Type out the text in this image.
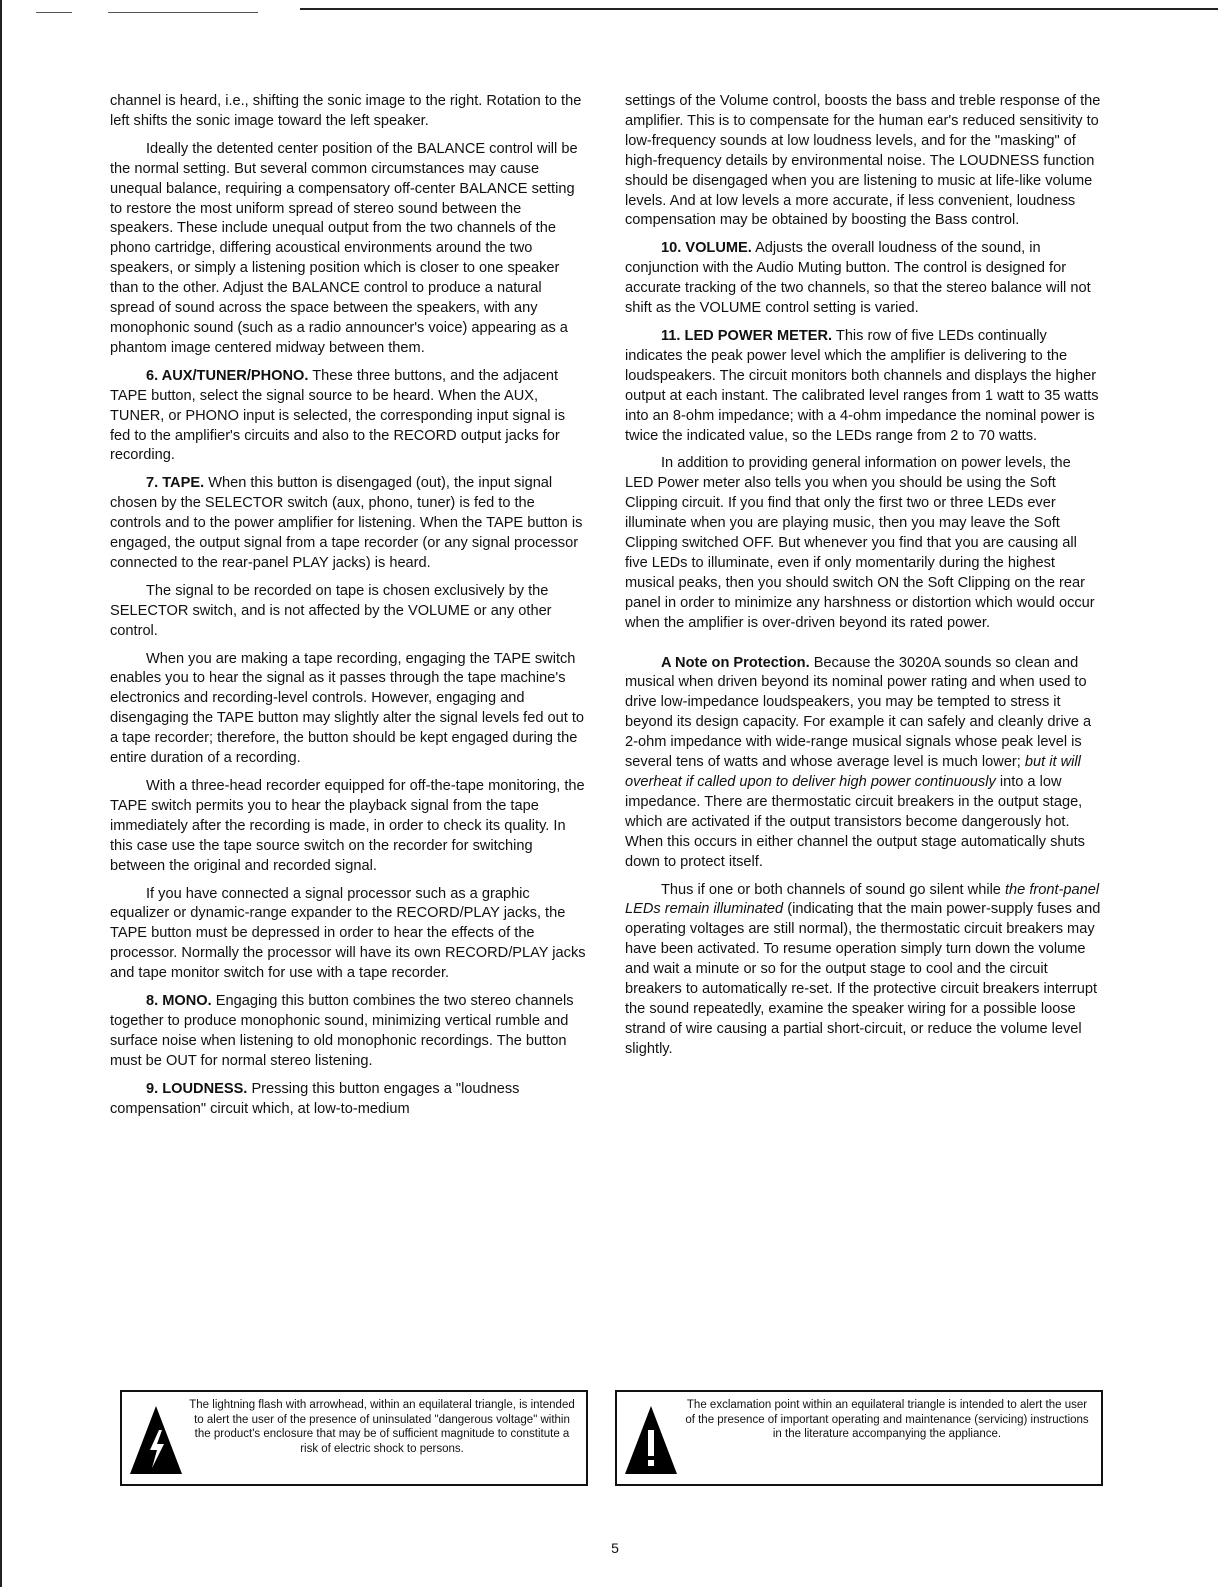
channel is heard, i.e., shifting the sonic image to the right. Rotation to the left shifts the sonic image toward the left speaker.

Ideally the detented center position of the BALANCE control will be the normal setting. But several common circumstances may cause unequal balance, requiring a compensatory off-center BALANCE setting to restore the most uniform spread of stereo sound between the speakers. These include unequal output from the two channels of the phono cartridge, differing acoustical environments around the two speakers, or simply a listening position which is closer to one speaker than to the other. Adjust the BALANCE control to produce a natural spread of sound across the space between the speakers, with any monophonic sound (such as a radio announcer's voice) appearing as a phantom image centered midway between them.

6. AUX/TUNER/PHONO. These three buttons, and the adjacent TAPE button, select the signal source to be heard. When the AUX, TUNER, or PHONO input is selected, the corresponding input signal is fed to the amplifier's circuits and also to the RECORD output jacks for recording.

7. TAPE. When this button is disengaged (out), the input signal chosen by the SELECTOR switch (aux, phono, tuner) is fed to the controls and to the power amplifier for listening. When the TAPE button is engaged, the output signal from a tape recorder (or any signal processor connected to the rear-panel PLAY jacks) is heard.

The signal to be recorded on tape is chosen exclusively by the SELECTOR switch, and is not affected by the VOLUME or any other control.

When you are making a tape recording, engaging the TAPE switch enables you to hear the signal as it passes through the tape machine's electronics and recording-level controls. However, engaging and disengaging the TAPE button may slightly alter the signal levels fed out to a tape recorder; therefore, the button should be kept engaged during the entire duration of a recording.

With a three-head recorder equipped for off-the-tape monitoring, the TAPE switch permits you to hear the playback signal from the tape immediately after the recording is made, in order to check its quality. In this case use the tape source switch on the recorder for switching between the original and recorded signal.

If you have connected a signal processor such as a graphic equalizer or dynamic-range expander to the RECORD/PLAY jacks, the TAPE button must be depressed in order to hear the effects of the processor. Normally the processor will have its own RECORD/PLAY jacks and tape monitor switch for use with a tape recorder.

8. MONO. Engaging this button combines the two stereo channels together to produce monophonic sound, minimizing vertical rumble and surface noise when listening to old monophonic recordings. The button must be OUT for normal stereo listening.

9. LOUDNESS. Pressing this button engages a "loudness compensation" circuit which, at low-to-medium

settings of the Volume control, boosts the bass and treble response of the amplifier. This is to compensate for the human ear's reduced sensitivity to low-frequency sounds at low loudness levels, and for the "masking" of high-frequency details by environmental noise. The LOUDNESS function should be disengaged when you are listening to music at life-like volume levels. And at low levels a more accurate, if less convenient, loudness compensation may be obtained by boosting the Bass control.

10. VOLUME. Adjusts the overall loudness of the sound, in conjunction with the Audio Muting button. The control is designed for accurate tracking of the two channels, so that the stereo balance will not shift as the VOLUME control setting is varied.

11. LED POWER METER. This row of five LEDs continually indicates the peak power level which the amplifier is delivering to the loudspeakers. The circuit monitors both channels and displays the higher output at each instant. The calibrated level ranges from 1 watt to 35 watts into an 8-ohm impedance; with a 4-ohm impedance the nominal power is twice the indicated value, so the LEDs range from 2 to 70 watts.

In addition to providing general information on power levels, the LED Power meter also tells you when you should be using the Soft Clipping circuit. If you find that only the first two or three LEDs ever illuminate when you are playing music, then you may leave the Soft Clipping switched OFF. But whenever you find that you are causing all five LEDs to illuminate, even if only momentarily during the highest musical peaks, then you should switch ON the Soft Clipping on the rear panel in order to minimize any harshness or distortion which would occur when the amplifier is over-driven beyond its rated power.

A Note on Protection. Because the 3020A sounds so clean and musical when driven beyond its nominal power rating and when used to drive low-impedance loudspeakers, you may be tempted to stress it beyond its design capacity. For example it can safely and cleanly drive a 2-ohm impedance with wide-range musical signals whose peak level is several tens of watts and whose average level is much lower; but it will overheat if called upon to deliver high power continuously into a low impedance. There are thermostatic circuit breakers in the output stage, which are activated if the output transistors become dangerously hot. When this occurs in either channel the output stage automatically shuts down to protect itself.

Thus if one or both channels of sound go silent while the front-panel LEDs remain illuminated (indicating that the main power-supply fuses and operating voltages are still normal), the thermostatic circuit breakers may have been activated. To resume operation simply turn down the volume and wait a minute or so for the output stage to cool and the circuit breakers to automatically re-set. If the protective circuit breakers interrupt the sound repeatedly, examine the speaker wiring for a possible loose strand of wire causing a partial short-circuit, or reduce the volume level slightly.

The lightning flash with arrowhead, within an equilateral triangle, is intended to alert the user of the presence of uninsulated "dangerous voltage" within the product's enclosure that may be of sufficient magnitude to constitute a risk of electric shock to persons.
The exclamation point within an equilateral triangle is intended to alert the user of the presence of important operating and maintenance (servicing) instructions in the literature accompanying the appliance.
5
